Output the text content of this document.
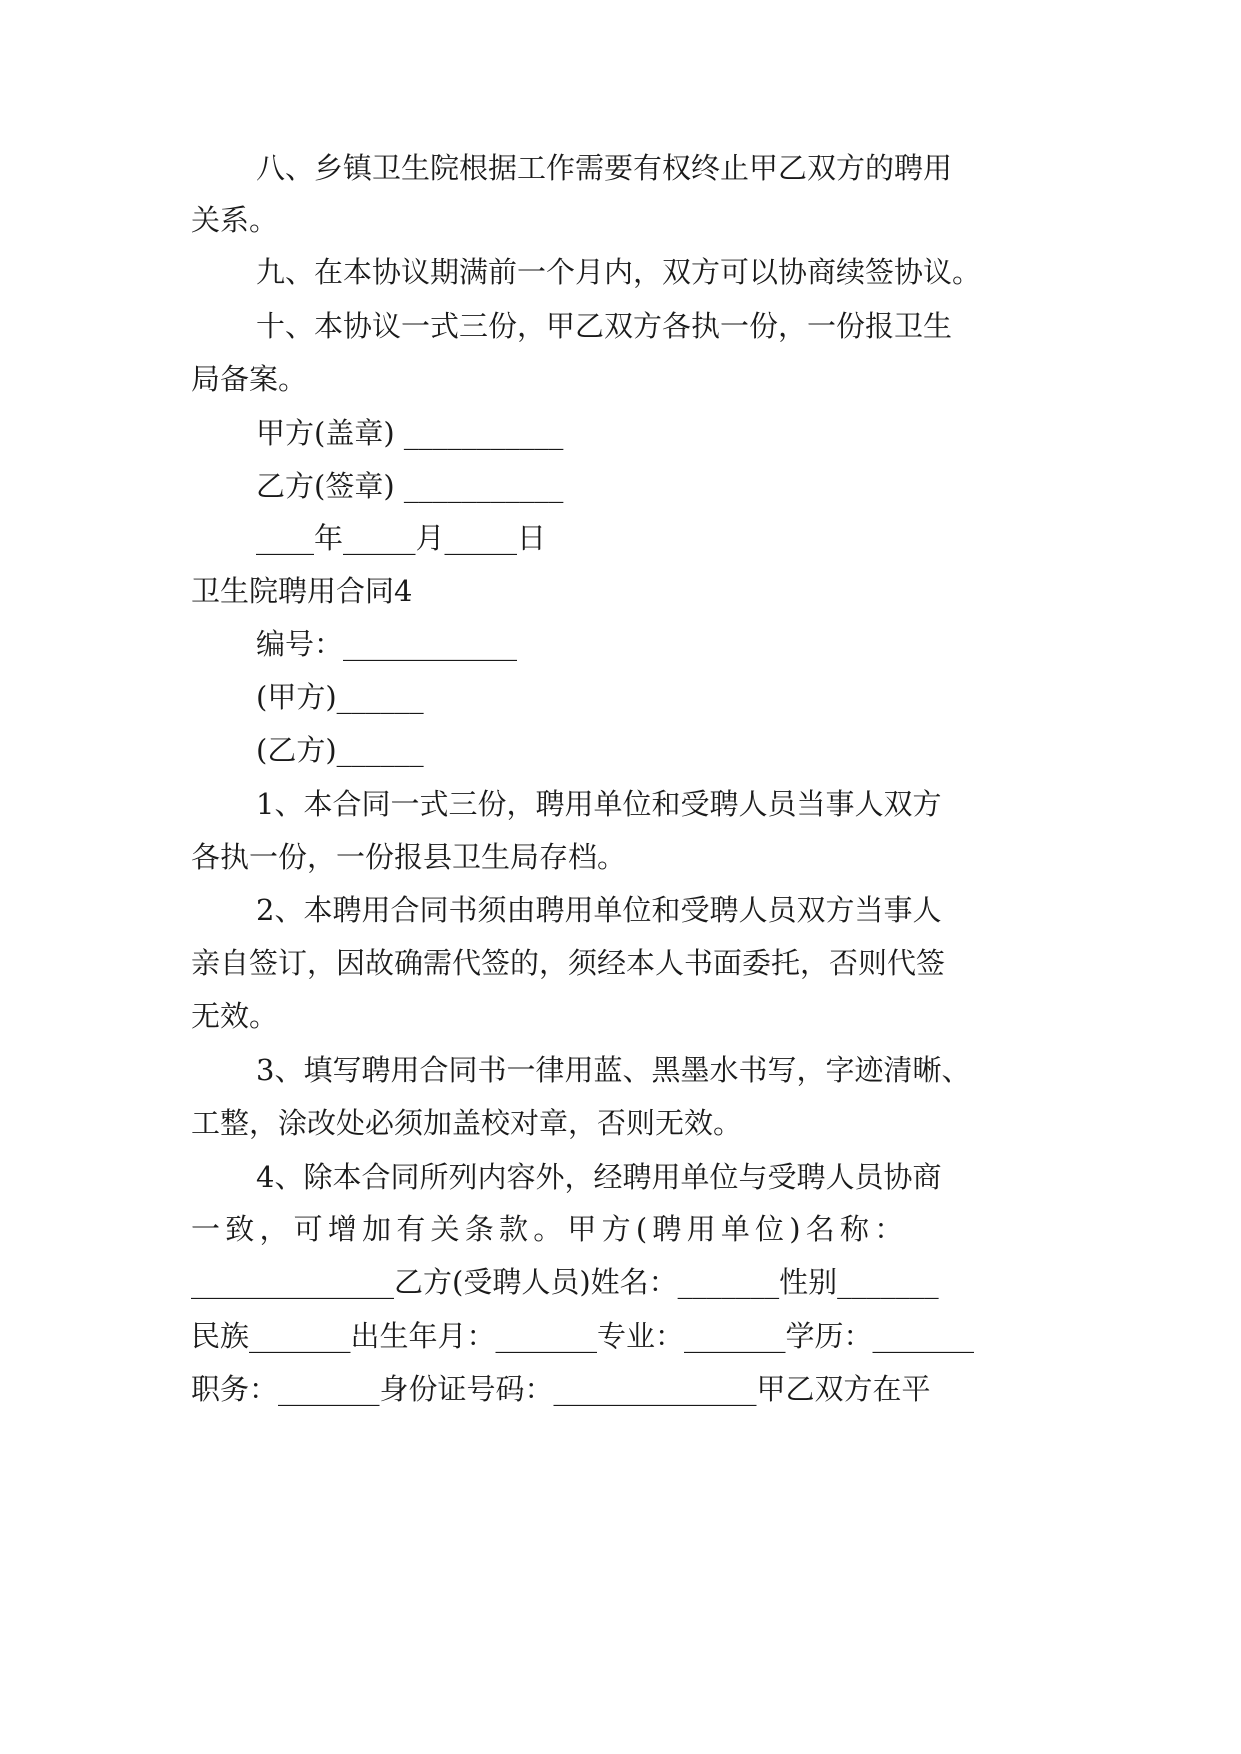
八、乡镇卫生院根据工作需要有权终止甲乙双方的聘用
关系。
九、在本协议期满前一个月内，双方可以协商续签协议。
十、本协议一式三份，甲乙双方各执一份，一份报卫生
局备案。
甲方(盖章) ___________
乙方(签章) ___________
____年_____月_____日
卫生院聘用合同4
编号：____________
(甲方)______
(乙方)______
1、本合同一式三份，聘用单位和受聘人员当事人双方
各执一份，一份报县卫生局存档。
2、本聘用合同书须由聘用单位和受聘人员双方当事人
亲自签订，因故确需代签的，须经本人书面委托，否则代签
无效。
3、填写聘用合同书一律用蓝、黑墨水书写，字迹清晰、
工整，涂改处必须加盖校对章，否则无效。
4、除本合同所列内容外，经聘用单位与受聘人员协商
一致，可增加有关条款。甲方(聘用单位)名称：
______________乙方(受聘人员)姓名：_______性别_______
民族_______出生年月：_______专业：_______学历：_______
职务：_______身份证号码：______________甲乙双方在平
